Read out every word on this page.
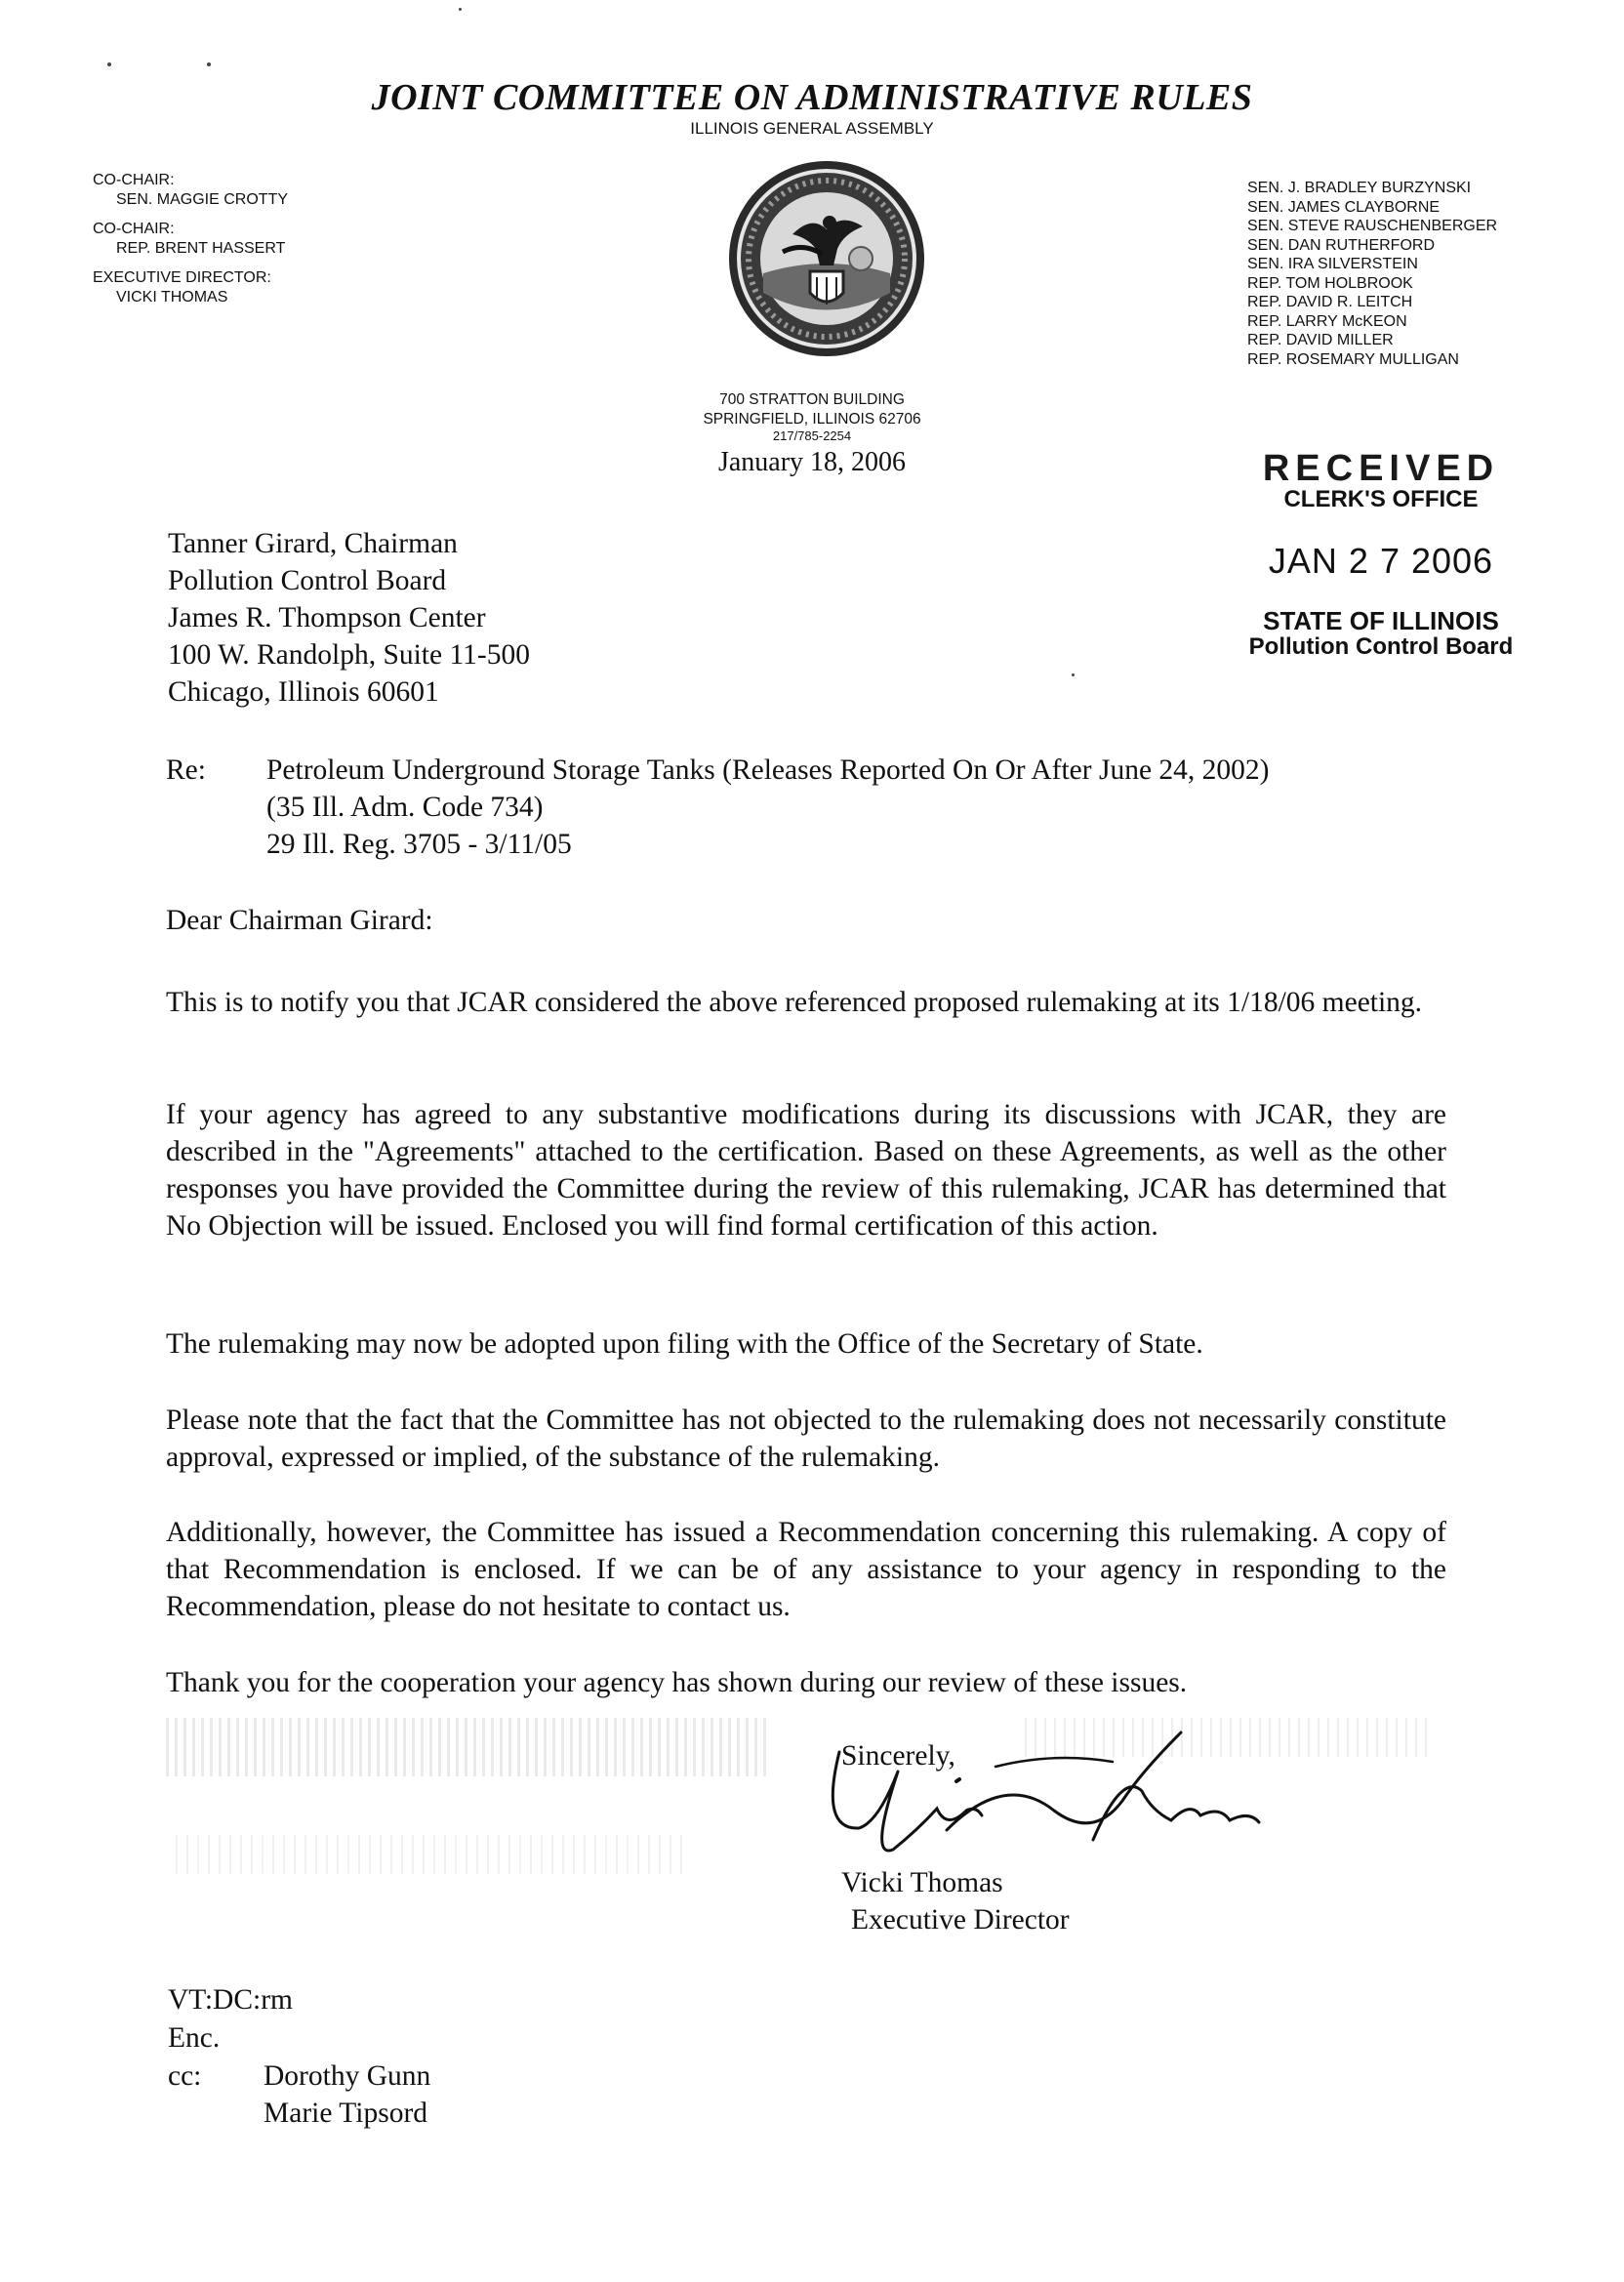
JOINT COMMITTEE ON ADMINISTRATIVE RULES
ILLINOIS GENERAL ASSEMBLY
CO-CHAIR:
SEN. MAGGIE CROTTY
CO-CHAIR:
REP. BRENT HASSERT
EXECUTIVE DIRECTOR:
VICKI THOMAS
SEN. J. BRADLEY BURZYNSKI
SEN. JAMES CLAYBORNE
SEN. STEVE RAUSCHENBERGER
SEN. DAN RUTHERFORD
SEN. IRA SILVERSTEIN
REP. TOM HOLBROOK
REP. DAVID R. LEITCH
REP. LARRY McKEON
REP. DAVID MILLER
REP. ROSEMARY MULLIGAN
700 STRATTON BUILDING
SPRINGFIELD, ILLINOIS 62706
217/785-2254
January 18, 2006	RECEIVED
CLERK'S OFFICE
JAN 2 7 2006
STATE OF ILLINOIS
Pollution Control Board
Tanner Girard, Chairman
Pollution Control Board
James R. Thompson Center
100 W. Randolph, Suite 11-500
Chicago, Illinois 60601
Re: Petroleum Underground Storage Tanks (Releases Reported On Or After June 24, 2002)
(35 Ill. Adm. Code 734)
29 Ill. Reg. 3705 - 3/11/05
Dear Chairman Girard:
This is to notify you that JCAR considered the above referenced proposed rulemaking at its 1/18/06 meeting.
If your agency has agreed to any substantive modifications during its discussions with JCAR, they are described in the "Agreements" attached to the certification. Based on these Agreements, as well as the other responses you have provided the Committee during the review of this rulemaking, JCAR has determined that No Objection will be issued. Enclosed you will find formal certification of this action.
The rulemaking may now be adopted upon filing with the Office of the Secretary of State.
Please note that the fact that the Committee has not objected to the rulemaking does not necessarily constitute approval, expressed or implied, of the substance of the rulemaking.
Additionally, however, the Committee has issued a Recommendation concerning this rulemaking. A copy of that Recommendation is enclosed. If we can be of any assistance to your agency in responding to the Recommendation, please do not hesitate to contact us.
Thank you for the cooperation your agency has shown during our review of these issues.
Sincerely,
Vicki Thomas
Executive Director
VT:DC:rm
Enc.
cc: Dorothy Gunn
Marie Tipsord
